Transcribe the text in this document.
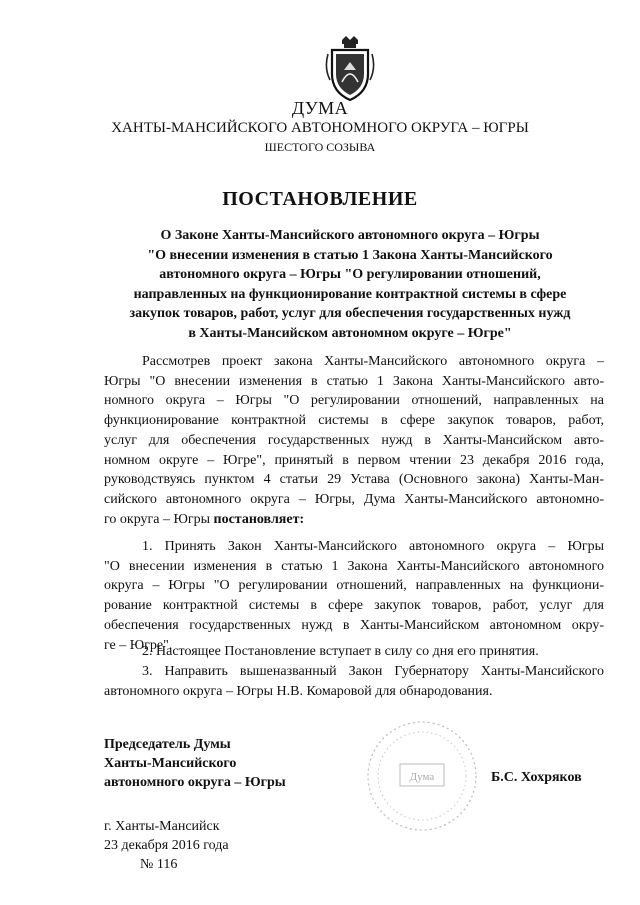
ДУМА
ХАНТЫ-МАНСИЙСКОГО АВТОНОМНОГО ОКРУГА – ЮГРЫ
ШЕСТОГО СОЗЫВА
ПОСТАНОВЛЕНИЕ
О Законе Ханты-Мансийского автономного округа – Югры
"О внесении изменения в статью 1 Закона Ханты-Мансийского
автономного округа – Югры "О регулировании отношений,
направленных на функционирование контрактной системы в сфере
закупок товаров, работ, услуг для обеспечения государственных нужд
в Ханты-Мансийском автономном округе – Югре"
Рассмотрев проект закона Ханты-Мансийского автономного округа –
Югры "О внесении изменения в статью 1 Закона Ханты-Мансийского авто-
номного округа – Югры "О регулировании отношений, направленных на
функционирование контрактной системы в сфере закупок товаров, работ,
услуг для обеспечения государственных нужд в Ханты-Мансийском авто-
номном округе – Югре", принятый в первом чтении 23 декабря 2016 года,
руководствуясь пунктом 4 статьи 29 Устава (Основного закона) Ханты-Ман-
сийского автономного округа – Югры, Дума Ханты-Мансийского автономно-
го округа – Югры постановляет:
1. Принять Закон Ханты-Мансийского автономного округа – Югры
"О внесении изменения в статью 1 Закона Ханты-Мансийского автономного
округа – Югры "О регулировании отношений, направленных на функциони-
рование контрактной системы в сфере закупок товаров, работ, услуг для
обеспечения государственных нужд в Ханты-Мансийском автономном окру-
ге – Югре".
2. Настоящее Постановление вступает в силу со дня его принятия.
3. Направить вышеназванный Закон Губернатору Ханты-Мансийского
автономного округа – Югры Н.В. Комаровой для обнародования.
Председатель Думы
Ханты-Мансийского
автономного округа – Югры	Дума	Б.С. Хохряков
г. Ханты-Мансийск
23 декабря 2016 года
№ 116
